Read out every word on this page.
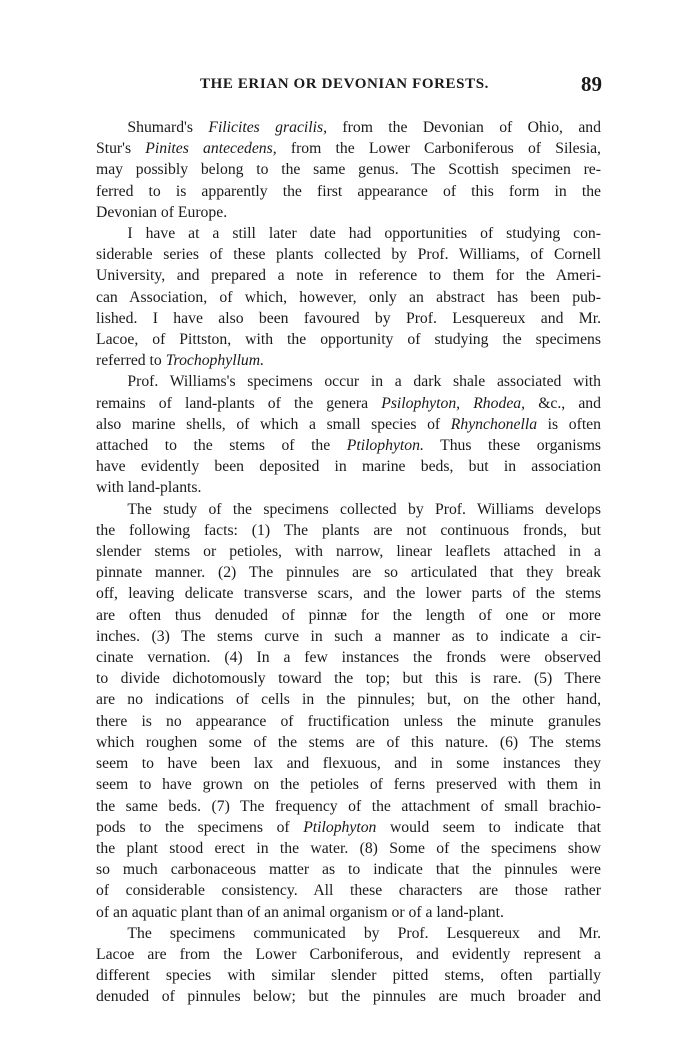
THE ERIAN OR DEVONIAN FORESTS.	89
Shumard's Filicites gracilis, from the Devonian of Ohio, and
Stur's Pinites antecedens, from the Lower Carboniferous of Silesia,
may possibly belong to the same genus. The Scottish specimen re-
ferred to is apparently the first appearance of this form in the
Devonian of Europe.
I have at a still later date had opportunities of studying con-
siderable series of these plants collected by Prof. Williams, of Cornell
University, and prepared a note in reference to them for the Ameri-
can Association, of which, however, only an abstract has been pub-
lished. I have also been favoured by Prof. Lesquereux and Mr.
Lacoe, of Pittston, with the opportunity of studying the specimens
referred to Trochophyllum.
Prof. Williams's specimens occur in a dark shale associated with
remains of land-plants of the genera Psilophyton, Rhodea, &c., and
also marine shells, of which a small species of Rhynchonella is often
attached to the stems of the Ptilophyton. Thus these organisms
have evidently been deposited in marine beds, but in association
with land-plants.
The study of the specimens collected by Prof. Williams develops
the following facts: (1) The plants are not continuous fronds, but
slender stems or petioles, with narrow, linear leaflets attached in a
pinnate manner. (2) The pinnules are so articulated that they break
off, leaving delicate transverse scars, and the lower parts of the stems
are often thus denuded of pinnæ for the length of one or more
inches. (3) The stems curve in such a manner as to indicate a cir-
cinate vernation. (4) In a few instances the fronds were observed
to divide dichotomously toward the top; but this is rare. (5) There
are no indications of cells in the pinnules; but, on the other hand,
there is no appearance of fructification unless the minute granules
which roughen some of the stems are of this nature. (6) The stems
seem to have been lax and flexuous, and in some instances they
seem to have grown on the petioles of ferns preserved with them in
the same beds. (7) The frequency of the attachment of small brachio-
pods to the specimens of Ptilophyton would seem to indicate that
the plant stood erect in the water. (8) Some of the specimens show
so much carbonaceous matter as to indicate that the pinnules were
of considerable consistency. All these characters are those rather
of an aquatic plant than of an animal organism or of a land-plant.
The specimens communicated by Prof. Lesquereux and Mr.
Lacoe are from the Lower Carboniferous, and evidently represent a
different species with similar slender pitted stems, often partially
denuded of pinnules below; but the pinnules are much broader and
